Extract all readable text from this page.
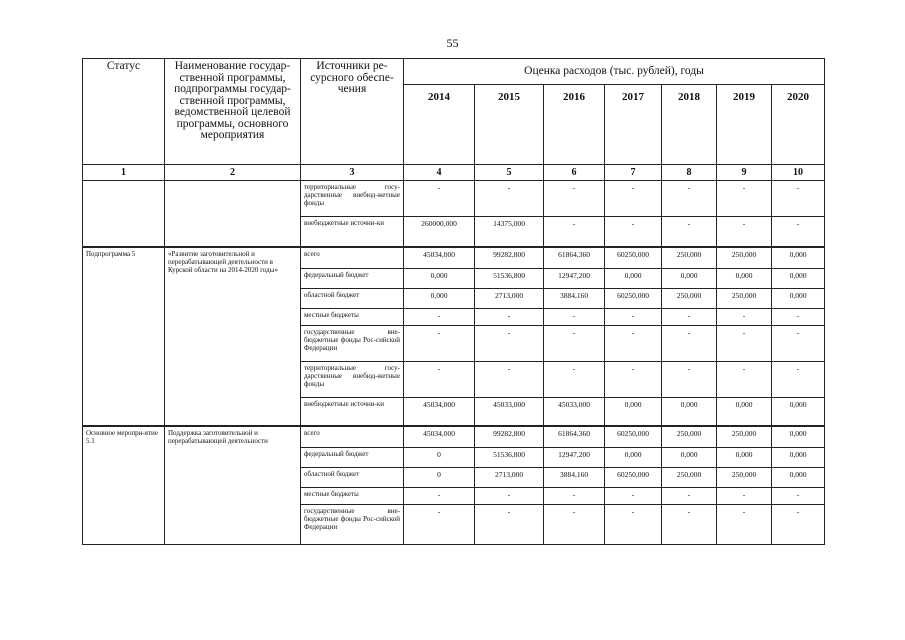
55
Статус	Наименование государ-ственной программы, подпрограммы государ-ственной программы, ведомственной целевой программы, основного мероприятия	Источники ре-сурсного обеспе-чения	Оценка расходов (тыс. рублей), годы						
			2014	2015	2016	2017	2018	2019	2020
1	2	3	4	5	6	7	8	9	10
		территориальные госу-дарственные внебюд-жетные фонды	-	-	-	-	-	-	-
		внебюджетные источни-ки	260000,000	14375,000	-	-	-	-	-
Подпрограмма 5	«Развитие заготовительной и перерабатывающей деятельности в Курской области на 2014-2020 годы»	всего	45034,000	99282,800	61864,360	60250,000	250,000	250,000	0,000
		федеральный бюджет	0,000	51536,800	12947,200	0,000	0,000	0,000	0,000
		областной бюджет	0,000	2713,000	3884,160	60250,000	250,000	250,000	0,000
		местные бюджеты	-	-	-	-	-	-	-
		государственные вне-бюджетные фонды Рос-сийской Федерации	-	-	-	-	-	-	-
		территориальные госу-дарственные внебюд-жетные фонды	-	-	-	-	-	-	-
		внебюджетные источни-ки	45034,000	45033,000	45033,000	0,000	0,000	0,000	0,000
Основное меропри-ятие 5.1	Поддержка заготовительной и перерабатывающей деятельности	всего	45034,000	99282,800	61864,360	60250,000	250,000	250,000	0,000
		федеральный бюджет	0	51536,800	12947,200	0,000	0,000	0,000	0,000
		областной бюджет	0	2713,000	3884,160	60250,000	250,000	250,000	0,000
		местные бюджеты	-	-	-	-	-	-	-
		государственные вне-бюджетные фонды Рос-сийской Федерации	-	-	-	-	-	-	-
